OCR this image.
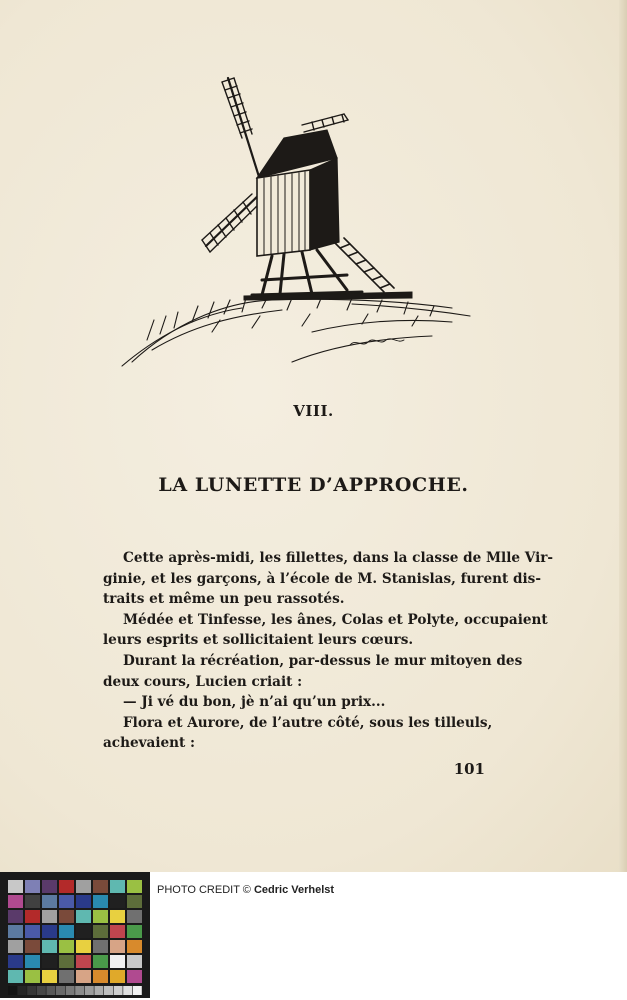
VIII.
LA LUNETTE D’APPROCHE.

Cette après-midi, les fillettes, dans la classe de Mlle Vir-
ginie, et les garçons, à l’école de M. Stanislas, furent dis-
traits et même un peu rassotés.

Médée et Tinfesse, les ânes, Colas et Polyte, occupaient
leurs esprits et sollicitaient leurs cœurs.

Durant la récréation, par-dessus le mur mitoyen des
deux cours, Lucien criait :

— Ji vé du bon, jè n’ai qu’un prix...

Flora et Aurore, de l’autre côté, sous les tilleuls,
achevaient :

101
PHOTO CREDIT © Cedric Verhelst
